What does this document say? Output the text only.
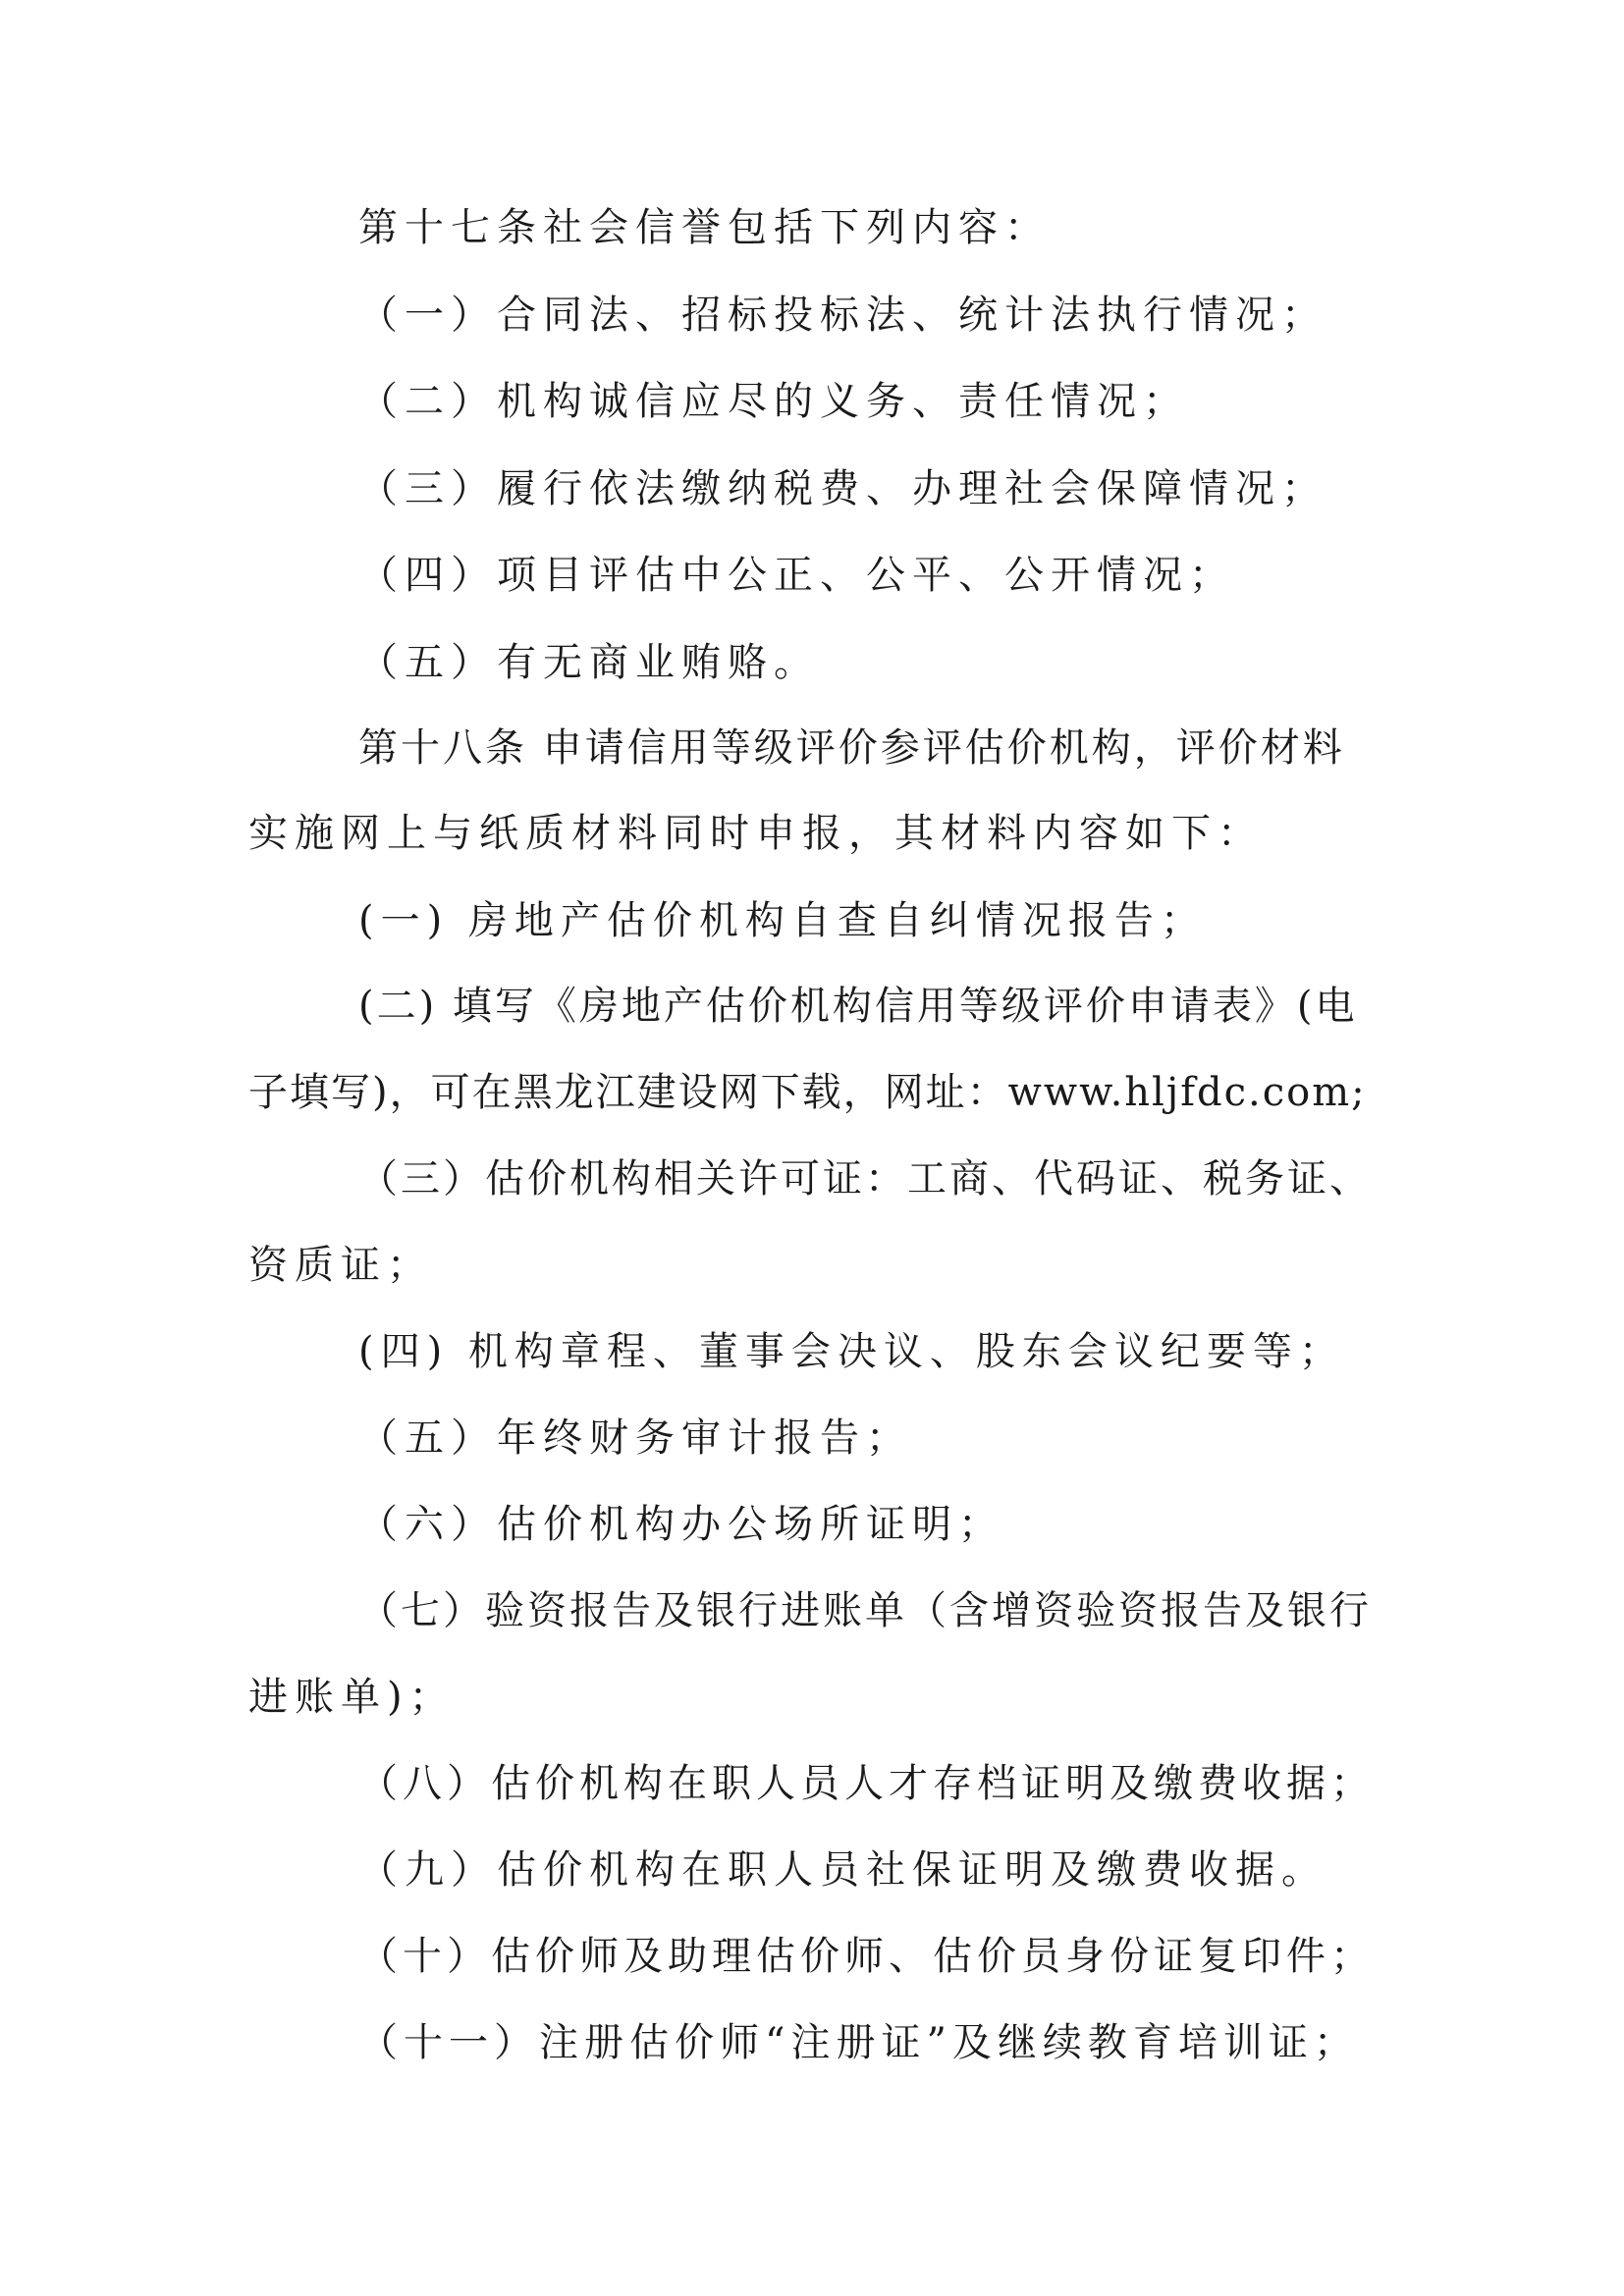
第十七条社会信誉包括下列内容：
（一）合同法、招标投标法、统计法执行情况；
（二）机构诚信应尽的义务、责任情况；
（三）履行依法缴纳税费、办理社会保障情况；
（四）项目评估中公正、公平、公开情况；
（五）有无商业贿赂。
第十八条 申请信用等级评价参评估价机构，评价材料
实施网上与纸质材料同时申报，其材料内容如下：
(一) 房地产估价机构自查自纠情况报告；
(二) 填写《房地产估价机构信用等级评价申请表》(电
子填写)，可在黑龙江建设网下载，网址：www.hljfdc.com;
（三）估价机构相关许可证：工商、代码证、税务证、
资质证；
(四) 机构章程、董事会决议、股东会议纪要等；
（五）年终财务审计报告；
（六）估价机构办公场所证明；
（七）验资报告及银行进账单（含增资验资报告及银行
进账单)；
（八）估价机构在职人员人才存档证明及缴费收据；
（九）估价机构在职人员社保证明及缴费收据。
（十）估价师及助理估价师、估价员身份证复印件；
（十一）注册估价师“注册证”及继续教育培训证；
